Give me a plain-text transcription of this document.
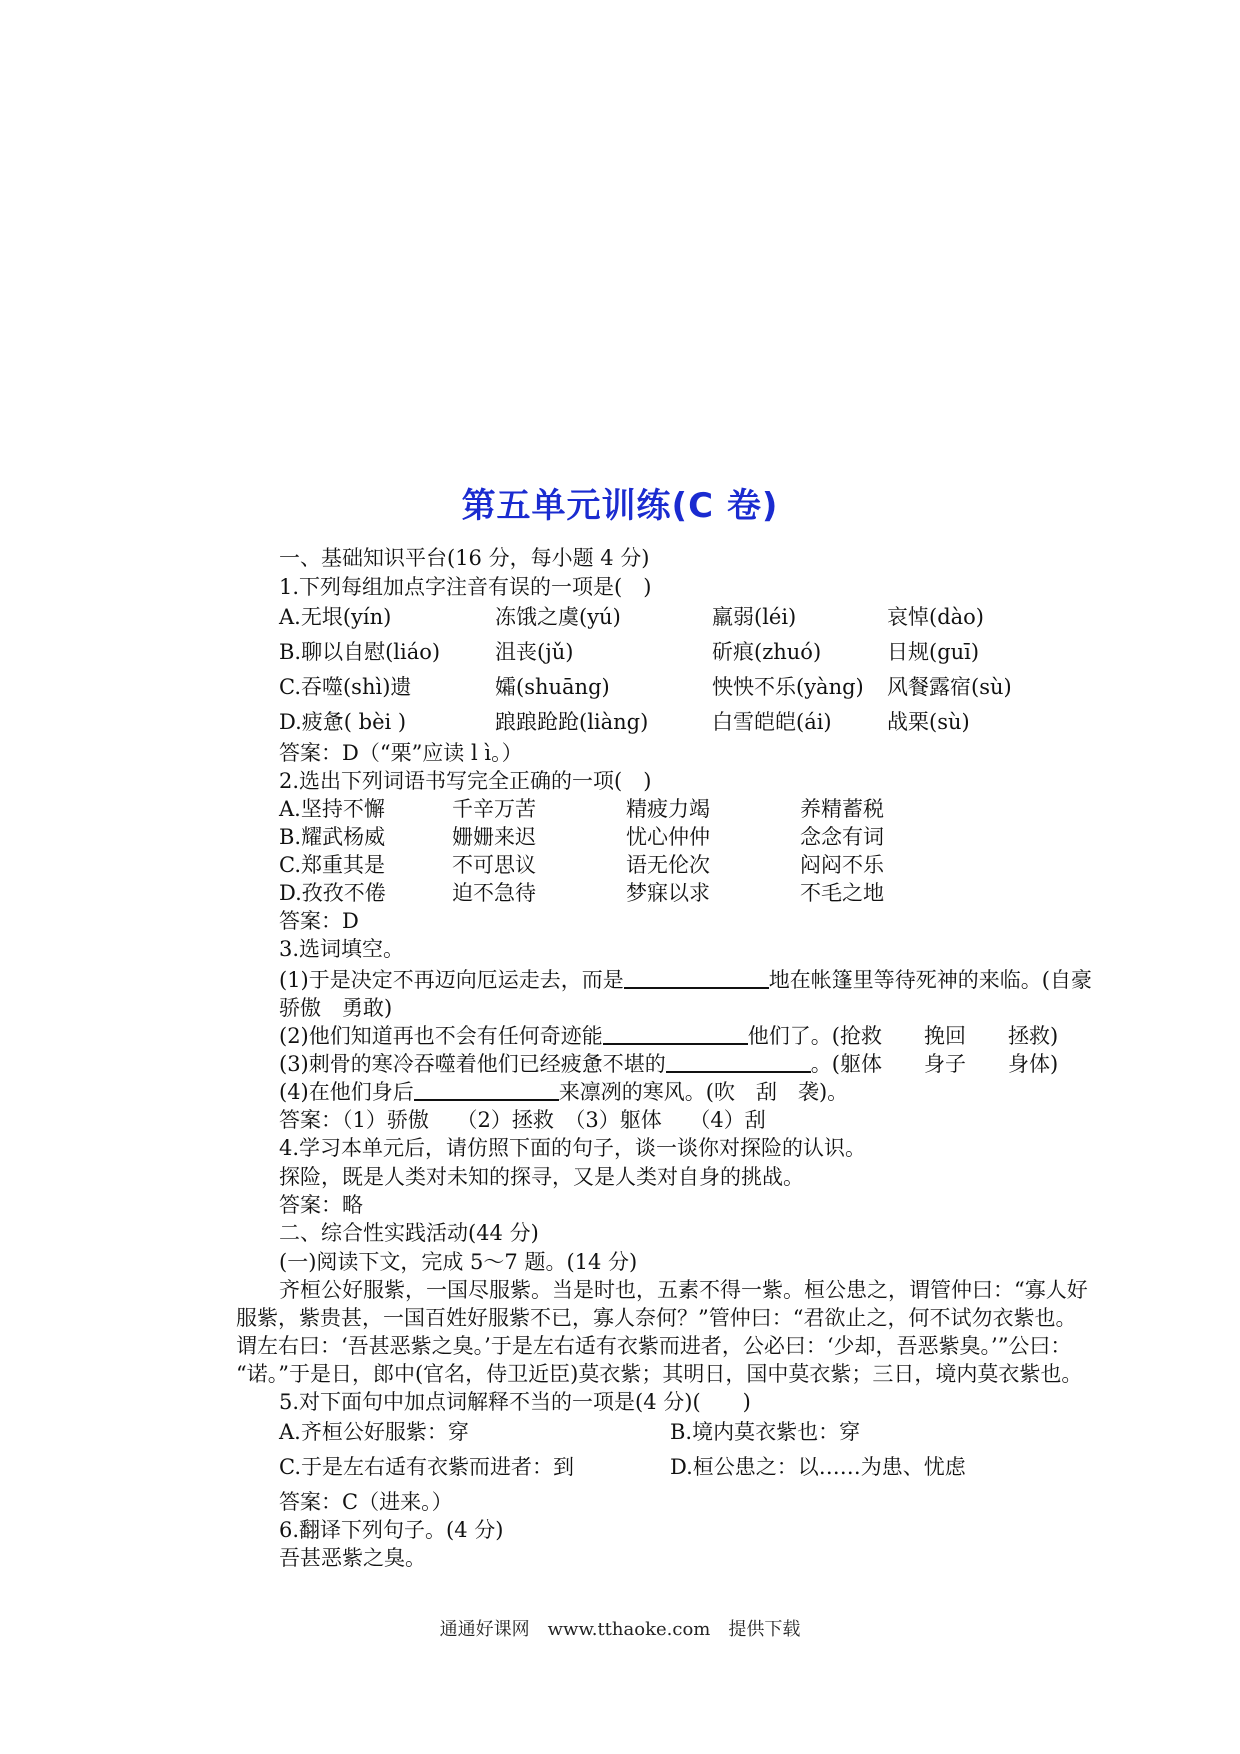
第五单元训练(C 卷)
一、基础知识平台(16 分，每小题 4 分)
1.下列每组加点字注音有误的一项是(　)
A.无垠(yín)	冻饿之虞(yú)	羸弱(léi)	哀悼(dào)
B.聊以自慰(liáo)	沮丧(jǔ)	斫痕(zhuó)	日规(guī)
C.吞噬(shì)遗	孀(shuāng)	怏怏不乐(yàng) 风餐露宿(sù)
D.疲惫( bèi )	踉踉跄跄(liàng)	白雪皑皑(ái)	战栗(sù)
答案：D（“栗”应读 l ì。）
2.选出下列词语书写完全正确的一项(　)
A.坚持不懈	千辛万苦	精疲力竭	养精蓄税
B.耀武杨威	姗姗来迟	忧心仲仲	念念有词
C.郑重其是	不可思议	语无伦次	闷闷不乐
D.孜孜不倦	迫不急待	梦寐以求	不毛之地
答案：D
3.选词填空。
(1)于是决定不再迈向厄运走去，而是	地在帐篷里等待死神的来临。(自豪
骄傲　勇敢)
(2)他们知道再也不会有任何奇迹能	他们了。(抢救　　挽回　　拯救)
(3)刺骨的寒冷吞噬着他们已经疲惫不堪的	。(躯体　　身子　　身体)
(4)在他们身后	来凛冽的寒风。(吹　刮　袭)。
答案：（1）骄傲　 （2）拯救　（3）躯体　 （4）刮
4.学习本单元后，请仿照下面的句子，谈一谈你对探险的认识。
探险，既是人类对未知的探寻，又是人类对自身的挑战。
答案：略
二、综合性实践活动(44 分)
(一)阅读下文，完成 5～7 题。(14 分)
齐桓公好服紫，一国尽服紫。当是时也，五素不得一紫。桓公患之，谓管仲曰：“寡人好
服紫，紫贵甚，一国百姓好服紫不已，寡人奈何？”管仲曰：“君欲止之，何不试勿衣紫也。
谓左右曰：‘吾甚恶紫之臭。’于是左右适有衣紫而进者，公必曰：‘少却，吾恶紫臭。’”公曰：
“诺。”于是日，郎中(官名，侍卫近臣)莫衣紫；其明日，国中莫衣紫；三日，境内莫衣紫也。
5.对下面句中加点词解释不当的一项是(4 分)(　　)
A.齐桓公好服紫：穿	B.境内莫衣紫也：穿
C.于是左右适有衣紫而进者：到	D.桓公患之：以……为患、忧虑
答案：C（进来。）
6.翻译下列句子。(4 分)
吾甚恶紫之臭。
通通好课网　www.tthaoke.com　提供下载
